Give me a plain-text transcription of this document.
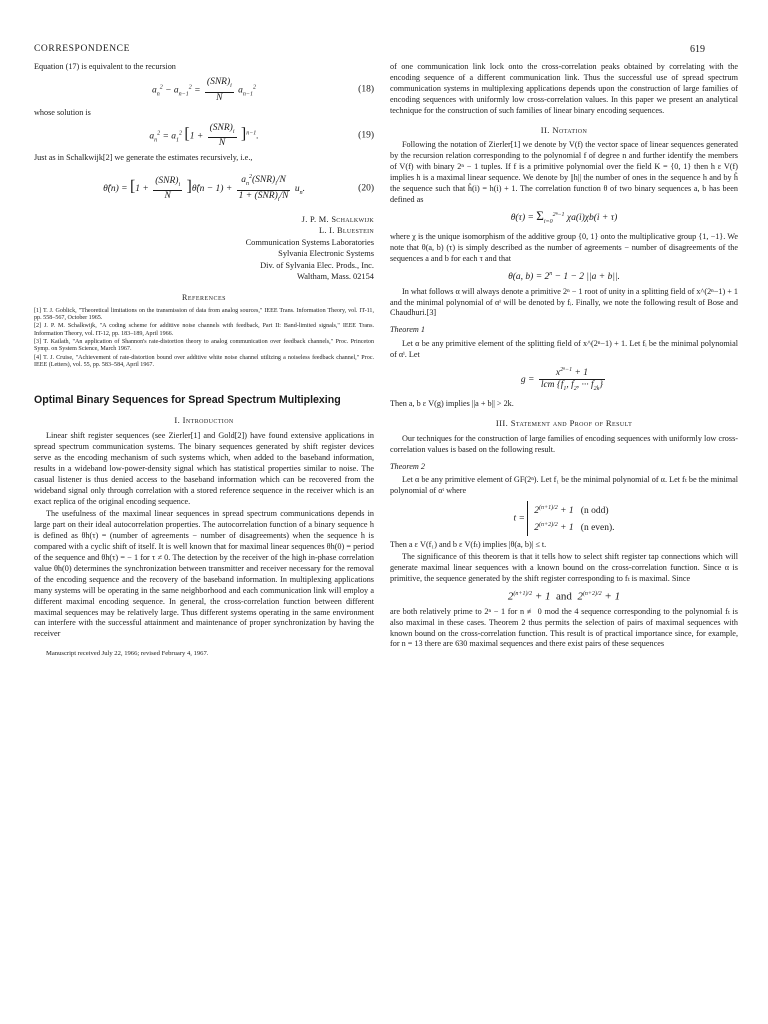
CORRESPONDENCE	619

Equation (17) is equivalent to the recursion

$a_n^2 - a_{n-1}^2 = \frac{(SNR)_i}{N} a_{n-1}^2$	(18)

whose solution is

$a_n^2 = a_1^2$ $[1 + \frac{(SNR)_i}{N} ]^{n-1}$.	(19)

Just as in Schalkwijk[2] we generate the estimates recursively, i.e.,

θ̂(n) = [$1 + \frac{(SNR)_i}{N}$ ]θ̂(n − $1) + \frac{a_n^2(SNR)_i/N}{1 + (SNR)_i/N} u_n$.	(20)
J. P. M. Schalkwijk
L. I. Bluestein
Communication Systems Laboratories
Sylvania Electronic Systems
Div. of Sylvania Elec. Prods., Inc.
Waltham, Mass. 02154
References

[1] T. J. Goblick, "Theoretical limitations on the transmission of data from analog sources," IEEE Trans. Information Theory, vol. IT-11, pp. 558–567, October 1965.

[2] J. P. M. Schalkwijk, "A coding scheme for additive noise channels with feedback, Part II: Band-limited signals," IEEE Trans. Information Theory, vol. IT-12, pp. 183–189, April 1966.

[3] T. Kailath, "An application of Shannon's rate-distortion theory to analog communication over feedback channels," Proc. Princeton Symp. on System Science, March 1967.

[4] T. J. Cruise, "Achievement of rate-distortion bound over additive white noise channel utilizing a noiseless feedback channel," Proc. IEEE (Letters), vol. 55, pp. 583–584, April 1967.

Optimal Binary Sequences for Spread Spectrum Multiplexing
I. Introduction

Linear shift register sequences (see Zierler[1] and Gold[2]) have found extensive applications in spread spectrum communication systems. The binary sequences generated by shift register devices serve as the encoding mechanism of such systems which, when added to the baseband information, results in a wideband low-power-density signal which has statistical properties similar to noise. The casual listener is thus denied access to the baseband information which can be recovered from the wideband signal only through correlation with a stored reference sequence in the receiver which is an exact replica of the original encoding sequence.

The usefulness of the maximal linear sequences in spread spectrum communications depends in large part on their ideal autocorrelation properties. The autocorrelation function of a binary sequence h is defined as θh(τ) = (number of agreements − number of disagreements) when the sequence h is compared with a cyclic shift of itself. It is well known that for maximal linear sequences θh(0) = period of the sequence and θh(τ) = − 1 for τ ≠ 0. The detection by the receiver of the high in-phase correlation value θh(0) determines the synchronization between transmitter and receiver necessary for the removal of the encoding sequence and the recovery of the baseband information. In multiplexing applications many systems will be operating in the same neighborhood and each communication link will employ a different maximal encoding sequence. In general, the cross-correlation function between different maximal sequences may be relatively large. Thus different systems operating in the same environment can interfere with the successful attainment and maintenance of proper synchronization by having the receiver

Manuscript received July 22, 1966; revised February 4, 1967.

of one communication link lock onto the cross-correlation peaks obtained by correlating with the encoding sequence of a different communication link. Thus the successful use of spread spectrum communication systems in multiplexing applications depends upon the construction of large families of encoding sequences with uniformly low cross-correlation values. In this paper we present an analytical technique for the construction of such families of linear binary encoding sequences.

II. Notation

Following the notation of Zierler[1] we denote by V(f) the vector space of linear sequences generated by the recursion relation corresponding to the polynomial f of degree n and further identify the members of V(f) with binary 2ⁿ − 1 tuples. If f is a primitive polynomial over the field K = {0, 1} then h ε V(f) implies h is a maximal linear sequence. We denote by ||h|| the number of ones in the sequence h and by ĥ the sequence such that ĥ(i) = h(i) + 1. The correlation function θ of two binary sequences a, b has been defined as

$\theta(\tau) = \Sigma_{i=0}^{2^n-1}$ χa(i)χb(i + τ)

where χ is the unique isomorphism of the additive group {0, 1} onto the multiplicative group {1, −1}. We note that θ(a, b) (τ) is simply described as the number of agreements − number of disagreements of the sequences a and b for each τ and that

θ(a, $b) = 2^n - 1 - 2$ ||a + b||.

In what follows α will always denote a primitive 2ⁿ − 1 root of unity in a splitting field of x^(2ⁿ−1) + 1 and the minimal polynomial of αⁱ will be denoted by fᵢ. Finally, we note the following result of Bose and Chaudhuri.[3]

Theorem 1

Let α be any primitive element of the splitting field of x^(2ⁿ−1) + 1. Let fᵢ be the minimal polynomial of αⁱ. Let

$g = \frac{x^{2^n-1} + 1}{lcm \{f_1, f_2, \cdot\cdot\cdot f_{2k}\}}$

Then a, b ε V(g) implies ||a + b|| > 2k.

III. Statement and Proof of Result

Our techniques for the construction of large families of encoding sequences with uniformly low cross-correlation values is based on the following result.

Theorem 2

Let α be any primitive element of GF(2ⁿ). Let f₁ be the minimal polynomial of α. Let fₜ be the minimal polynomial of αᵗ where

$t = 2^{(n+1)/2} + 1$   (n odd)
$2^{(n+2)/2} + 1$   (n even).

Then a ε V(f₁) and b ε V(fₜ) implies |θ(a, b)| ≤ t.

The significance of this theorem is that it tells how to select shift register tap connections which will generate maximal linear sequences with a known bound on the cross-correlation function. Since α is primitive, the sequence generated by the shift register corresponding to fₜ is maximal. Since

$2^{(n+1)/2} + 1$  and  $2^{(n+2)/2} + 1$

are both relatively prime to 2ⁿ − 1 for n ≢ 0 mod the 4 sequence corresponding to the polynomial fₜ is also maximal in these cases. Theorem 2 thus permits the selection of pairs of maximal sequences with known bound on the cross-correlation function. This result is of practical importance since, for example, for n = 13 there are 630 maximal sequences and there exist pairs of these sequences
